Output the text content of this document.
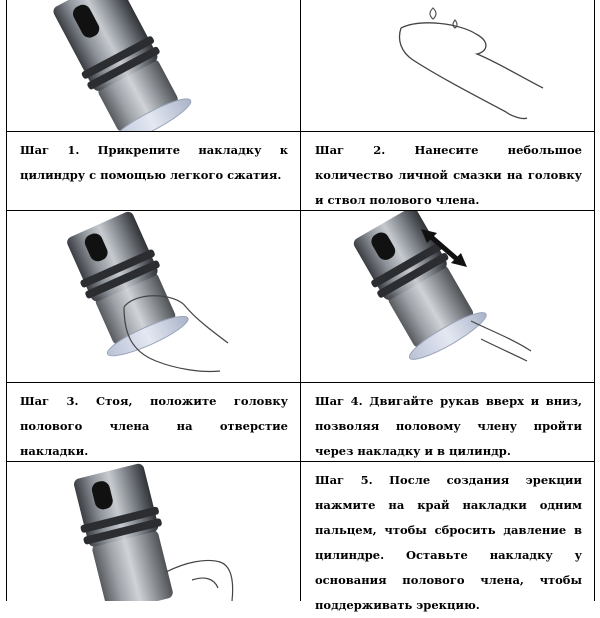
Шаг 1. Прикрепите накладку к цилиндру с помощью легкого сжатия.
Шаг 2.	Нанесите небольшое количество личной смазки на головку и ствол полового члена.
Шаг 3. Стоя, положите головку полового члена на отверстие накладки.
Шаг 4. Двигайте рукав вверх и вниз, позволяя половому члену пройти через накладку и в цилиндр.
Шаг 5. После создания эрекции нажмите на край накладки одним пальцем, чтобы сбросить давление в цилиндре. Оставьте накладку у основания полового члена, чтобы поддерживать эрекцию.
